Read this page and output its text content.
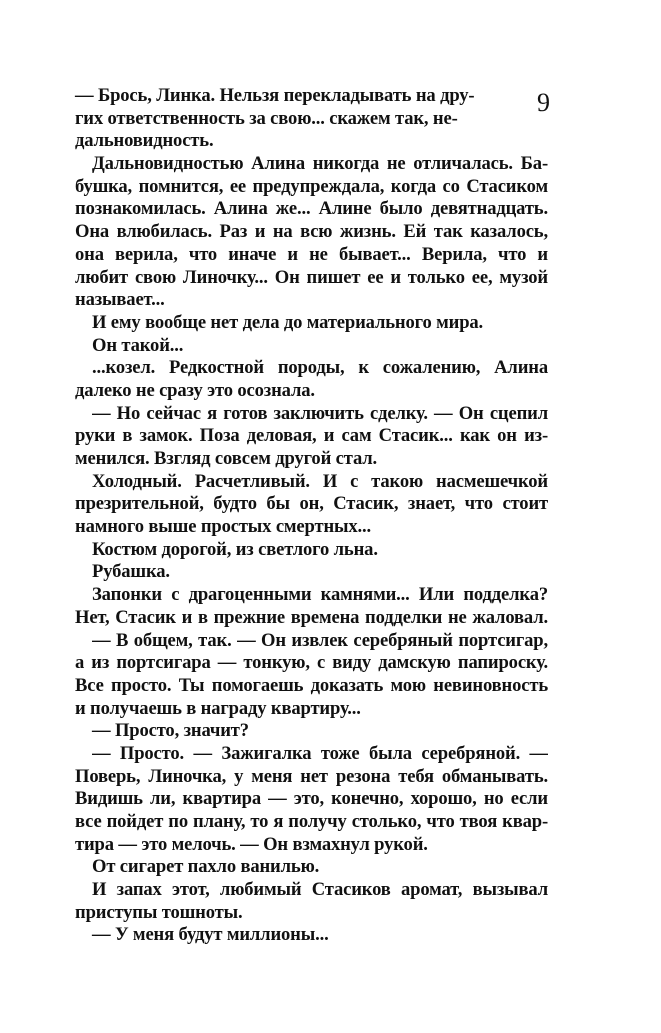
9
— Брось, Линка. Нельзя перекладывать на дру-
гих ответственность за свою... скажем так, не-
дальновидность.
Дальновидностью Алина никогда не отличалась. Ба-
бушка, помнится, ее предупреждала, когда со Стасиком
познакомилась. Алина же... Алине было девятнадцать.
Она влюбилась. Раз и на всю жизнь. Ей так казалось,
она верила, что иначе и не бывает... Верила, что и
любит свою Линочку... Он пишет ее и только ее, музой
называет...
И ему вообще нет дела до материального мира.
Он такой...
...козел. Редкостной породы, к сожалению, Алина
далеко не сразу это осознала.
— Но сейчас я готов заключить сделку. — Он сцепил
руки в замок. Поза деловая, и сам Стасик... как он из-
менился. Взгляд совсем другой стал.
Холодный. Расчетливый. И с такою насмешечкой
презрительной, будто бы он, Стасик, знает, что стоит
намного выше простых смертных...
Костюм дорогой, из светлого льна.
Рубашка.
Запонки с драгоценными камнями... Или подделка?
Нет, Стасик и в прежние времена подделки не жаловал.
— В общем, так. — Он извлек серебряный портсигар,
а из портсигара — тонкую, с виду дамскую папироску.
Все просто. Ты помогаешь доказать мою невиновность
и получаешь в награду квартиру...
— Просто, значит?
— Просто. — Зажигалка тоже была серебряной. —
Поверь, Линочка, у меня нет резона тебя обманывать.
Видишь ли, квартира — это, конечно, хорошо, но если
все пойдет по плану, то я получу столько, что твоя квар-
тира — это мелочь. — Он взмахнул рукой.
От сигарет пахло ванилью.
И запах этот, любимый Стасиков аромат, вызывал
приступы тошноты.
— У меня будут миллионы...
